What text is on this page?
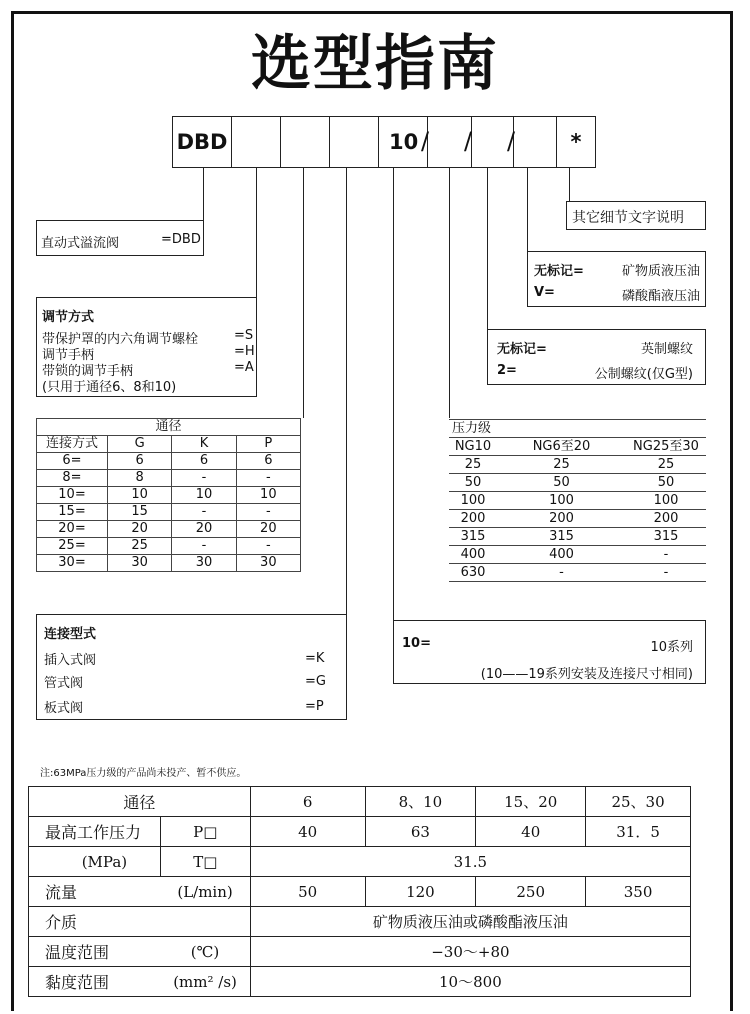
选型指南
DBD	10	*
/ / /
其它细节文字说明
直动式溢流阀	=DBD
无标记=	矿物质液压油
V=	磷酸酯液压油
调节方式
带保护罩的内六角调节螺栓	=S
调节手柄	=H
带锁的调节手柄	=A
(只用于通径6、8和10)
无标记=	英制螺纹
2=	公制螺纹(仅G型)
通径			
连接方式	G	K	P
6=	6	6	6
8=	8	-	-
10=	10	10	10
15=	15	-	-
20=	20	20	20
25=	25	-	-
30=	30	30	30
压力级		
NG10	NG6至20	NG25至30
25	25	25
50	50	50
100	100	100
200	200	200
315	315	315
400	400	-
630	-	-
连接型式
插入式阀	=K
管式阀	=G
板式阀	=P
10=	10系列
(10——19系列安装及连接尺寸相同)
注:63MPa压力级的产品尚未投产、暂不供应。
通径		6	8、10	15、20	25、30
最高工作压力	P□	40	63	40	31．5
(MPa)	T□	31.5			
流量	(L/min)	50	120	250	350
介质		矿物质液压油或磷酸酯液压油			
温度范围	(℃)	−30～+80			
黏度范围	(mm² /s)	10～800			
